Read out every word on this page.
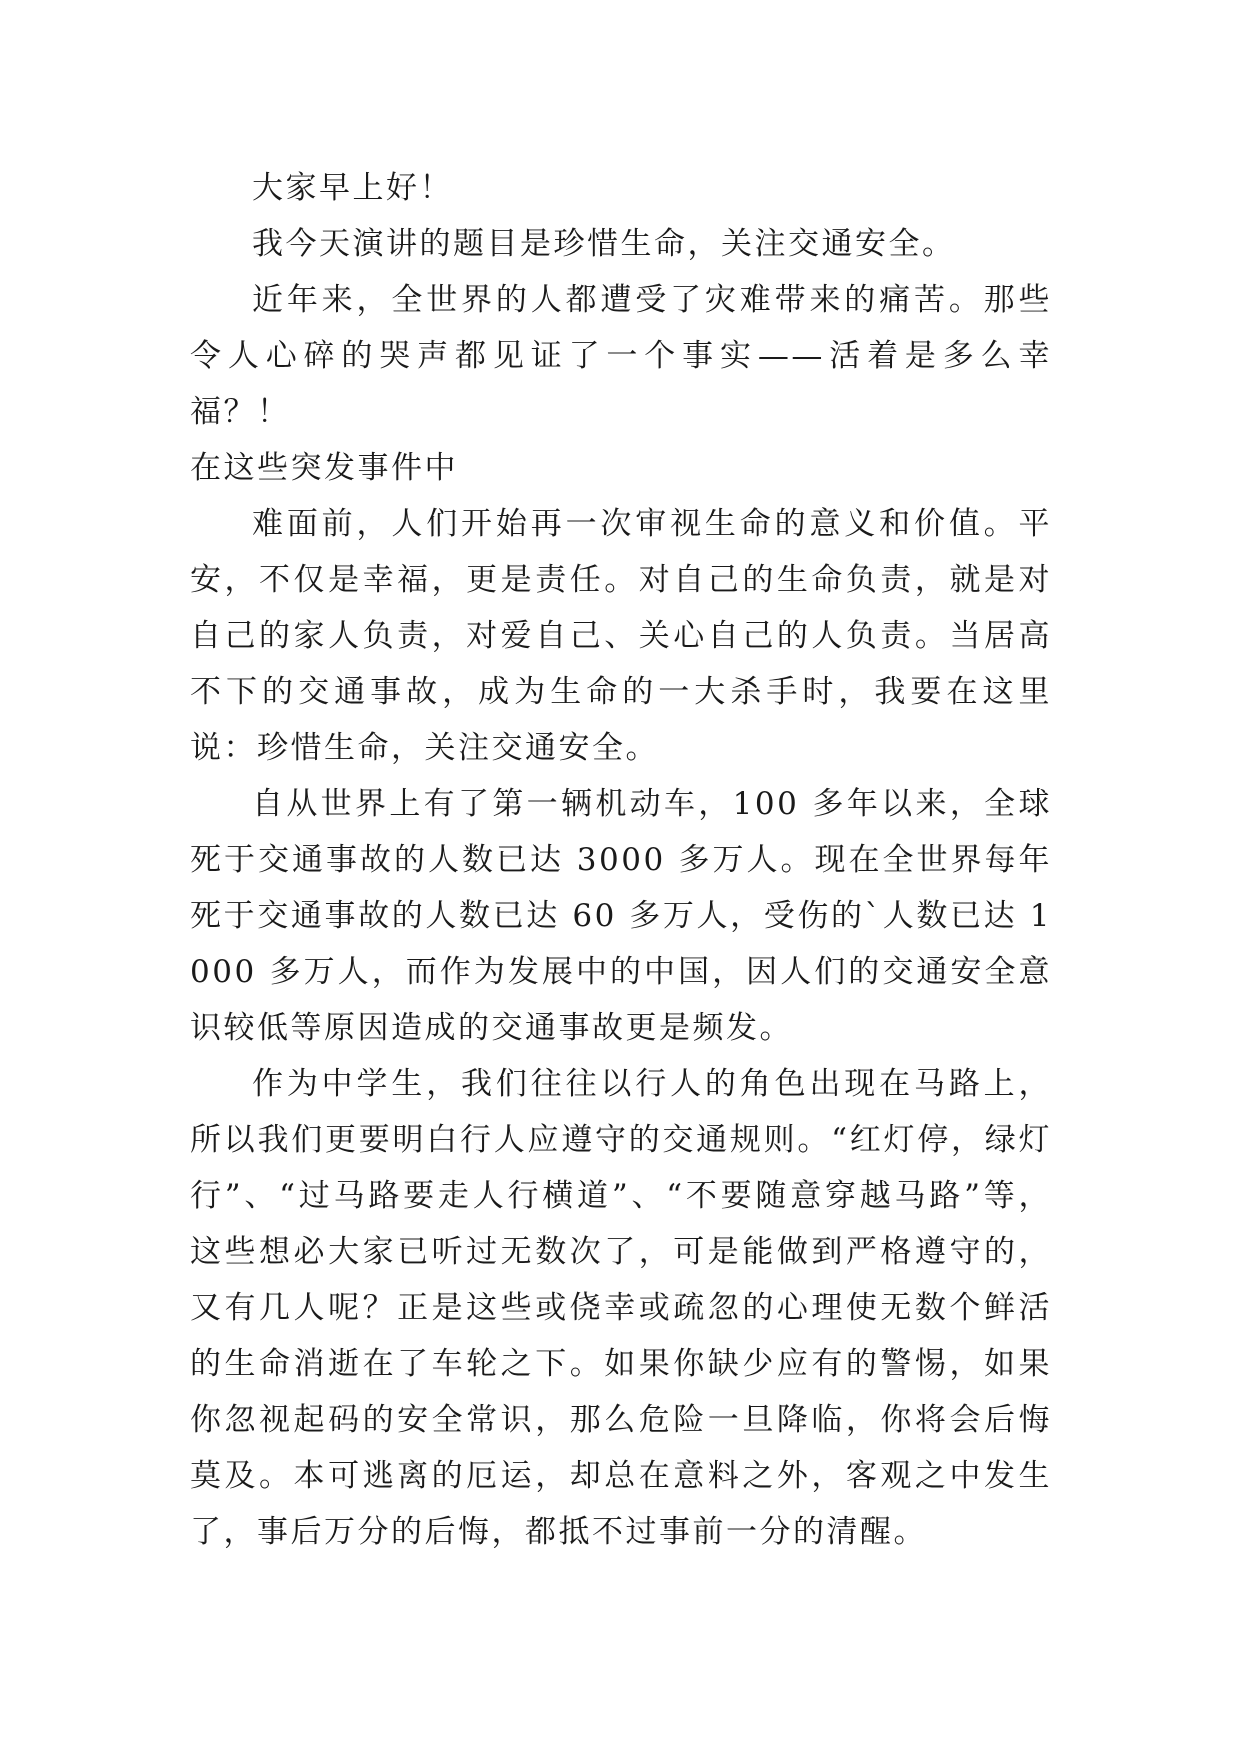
大家早上好！

我今天演讲的题目是珍惜生命，关注交通安全。

近年来，全世界的人都遭受了灾难带来的痛苦。那些令人心碎的哭声都见证了一个事实——活着是多么幸福？！

在这些突发事件中

难面前，人们开始再一次审视生命的意义和价值。平安，不仅是幸福，更是责任。对自己的生命负责，就是对自己的家人负责，对爱自己、关心自己的人负责。当居高不下的交通事故，成为生命的一大杀手时，我要在这里说：珍惜生命，关注交通安全。

自从世界上有了第一辆机动车，100 多年以来，全球死于交通事故的人数已达 3000 多万人。现在全世界每年死于交通事故的人数已达 60 多万人，受伤的`人数已达 1000 多万人，而作为发展中的中国，因人们的交通安全意识较低等原因造成的交通事故更是频发。

作为中学生，我们往往以行人的角色出现在马路上，所以我们更要明白行人应遵守的交通规则。“红灯停，绿灯行”、“过马路要走人行横道”、“不要随意穿越马路”等，这些想必大家已听过无数次了，可是能做到严格遵守的，又有几人呢？正是这些或侥幸或疏忽的心理使无数个鲜活的生命消逝在了车轮之下。如果你缺少应有的警惕，如果你忽视起码的安全常识，那么危险一旦降临，你将会后悔莫及。本可逃离的厄运，却总在意料之外，客观之中发生了，事后万分的后悔，都抵不过事前一分的清醒。
